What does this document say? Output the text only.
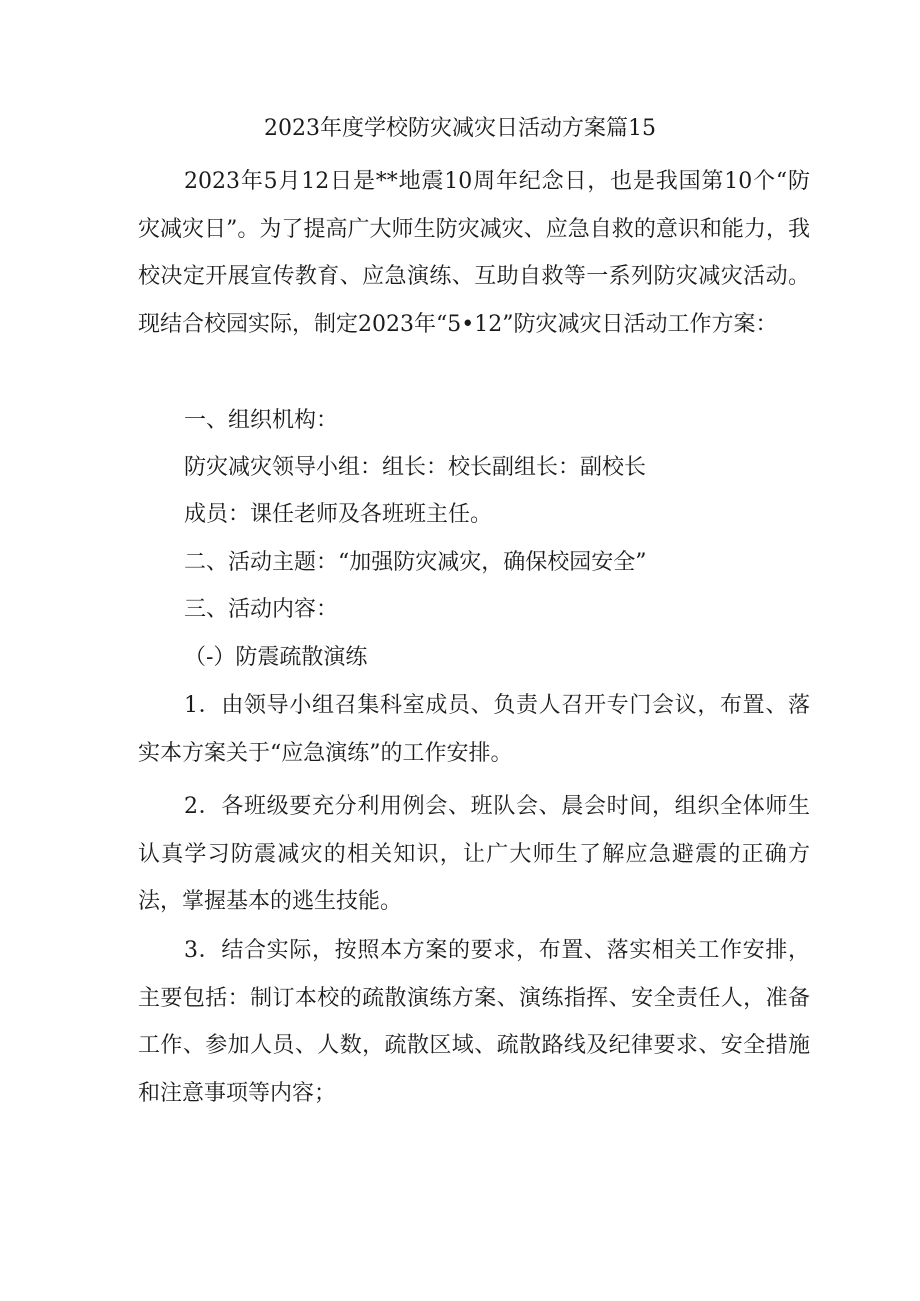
2023年度学校防灾减灾日活动方案篇15
2023年5月12日是**地震10周年纪念日，也是我国第10个“防灾减灾日”。为了提高广大师生防灾减灾、应急自救的意识和能力，我校决定开展宣传教育、应急演练、互助自救等一系列防灾减灾活动。现结合校园实际，制定2023年“5•12”防灾减灾日活动工作方案：
一、组织机构：
防灾减灾领导小组：组长：校长副组长：副校长
成员：课任老师及各班班主任。
二、活动主题：“加强防灾减灾，确保校园安全”
三、活动内容：
（-）防震疏散演练
1．由领导小组召集科室成员、负责人召开专门会议，布置、落实本方案关于“应急演练”的工作安排。
2．各班级要充分利用例会、班队会、晨会时间，组织全体师生认真学习防震减灾的相关知识，让广大师生了解应急避震的正确方法，掌握基本的逃生技能。
3．结合实际，按照本方案的要求，布置、落实相关工作安排，主要包括：制订本校的疏散演练方案、演练指挥、安全责任人，准备工作、参加人员、人数，疏散区域、疏散路线及纪律要求、安全措施和注意事项等内容；
